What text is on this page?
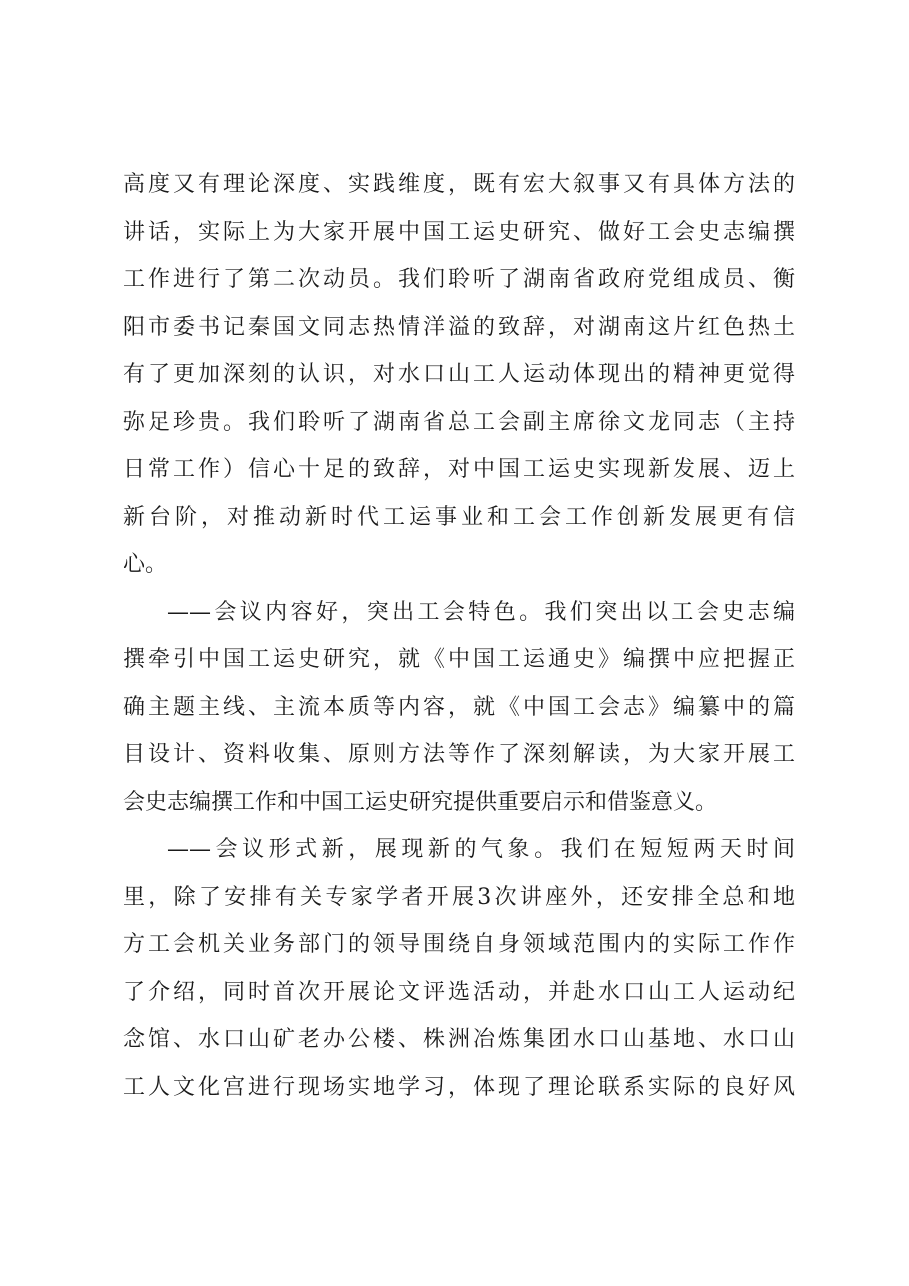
高度又有理论深度、实践维度，既有宏大叙事又有具体方法的
讲话，实际上为大家开展中国工运史研究、做好工会史志编撰
工作进行了第二次动员。我们聆听了湖南省政府党组成员、衡
阳市委书记秦国文同志热情洋溢的致辞，对湖南这片红色热土
有了更加深刻的认识，对水口山工人运动体现出的精神更觉得
弥足珍贵。我们聆听了湖南省总工会副主席徐文龙同志（主持
日常工作）信心十足的致辞，对中国工运史实现新发展、迈上
新台阶，对推动新时代工运事业和工会工作创新发展更有信
心。
——会议内容好，突出工会特色。我们突出以工会史志编
撰牵引中国工运史研究，就《中国工运通史》编撰中应把握正
确主题主线、主流本质等内容，就《中国工会志》编纂中的篇
目设计、资料收集、原则方法等作了深刻解读，为大家开展工
会史志编撰工作和中国工运史研究提供重要启示和借鉴意义。
——会议形式新，展现新的气象。我们在短短两天时间
里，除了安排有关专家学者开展3次讲座外，还安排全总和地
方工会机关业务部门的领导围绕自身领域范围内的实际工作作
了介绍，同时首次开展论文评选活动，并赴水口山工人运动纪
念馆、水口山矿老办公楼、株洲冶炼集团水口山基地、水口山
工人文化宫进行现场实地学习，体现了理论联系实际的良好风
